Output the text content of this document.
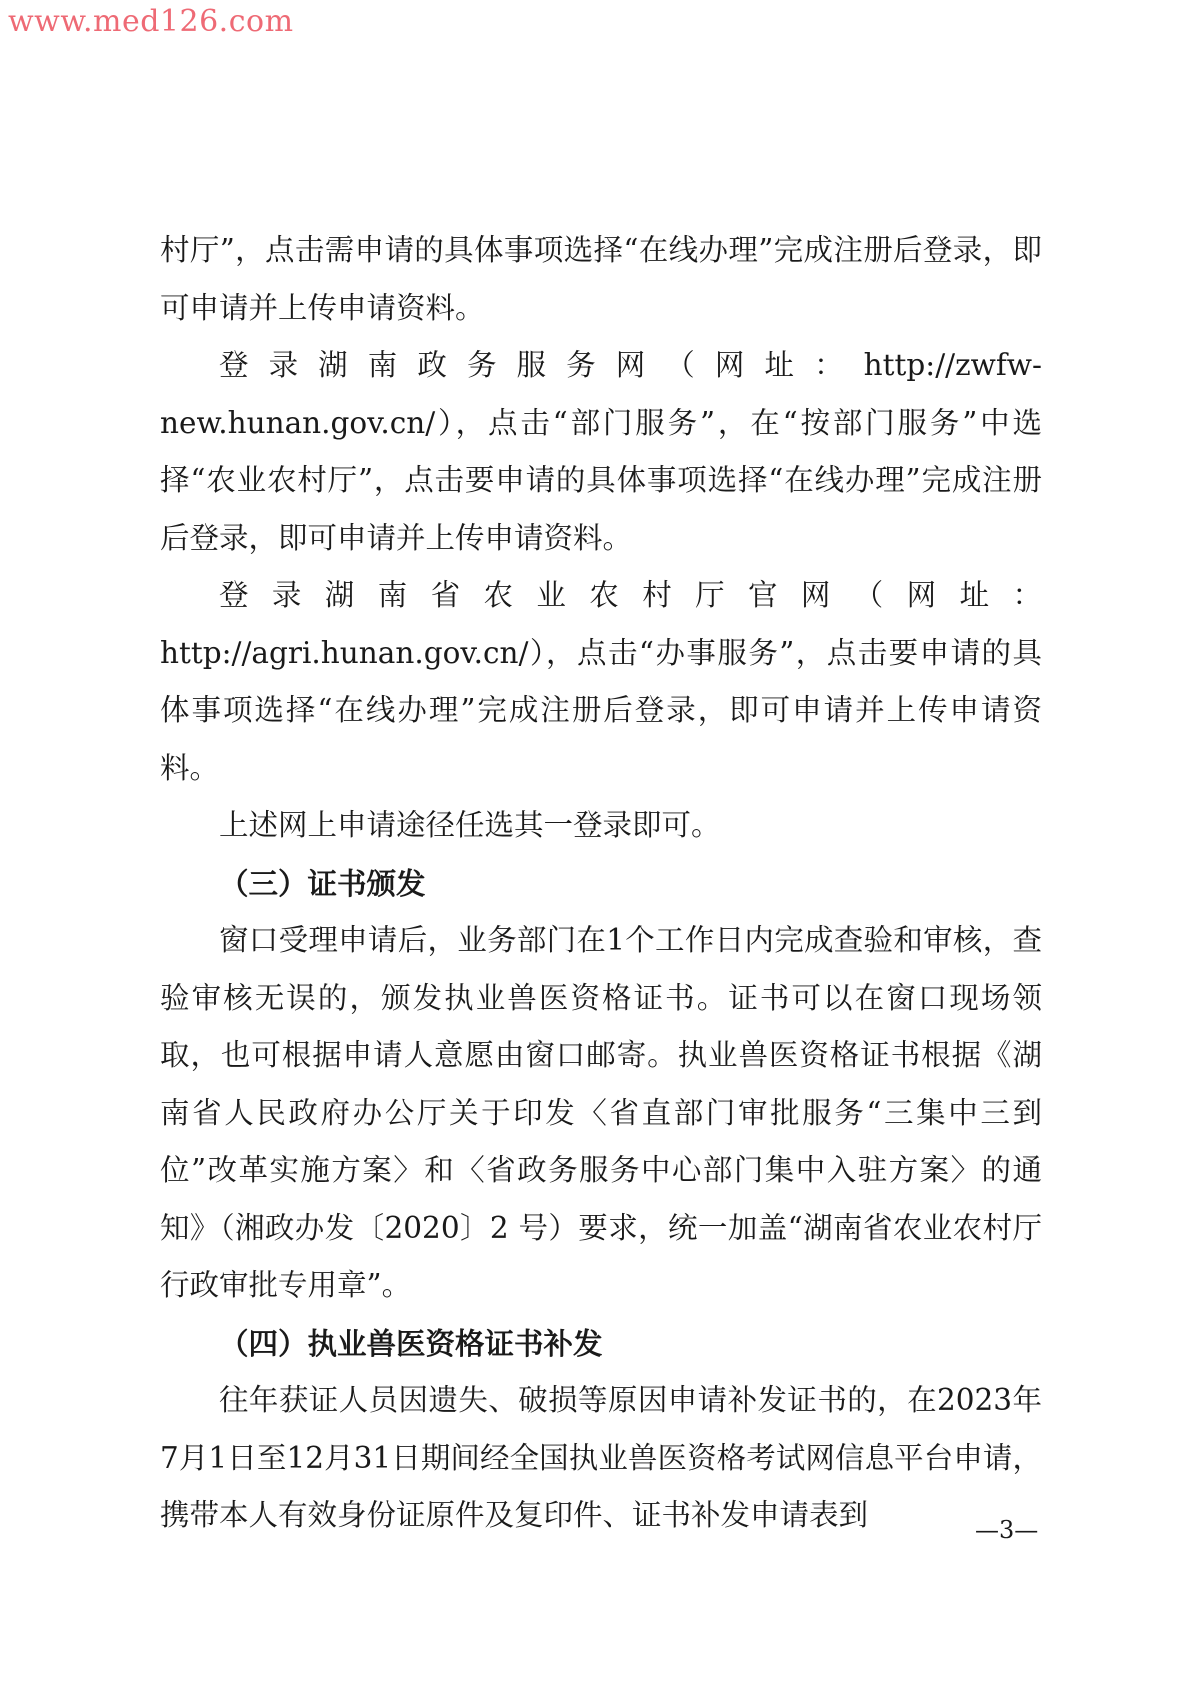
www.med126.com

村厅”，点击需申请的具体事项选择“在线办理”完成注册后登录，即可申请并上传申请资料。

登录湖南政务服务网（网址：http://zwfw-new.hunan.gov.cn/），点击“部门服务”，在“按部门服务”中选择“农业农村厅”，点击要申请的具体事项选择“在线办理”完成注册后登录，即可申请并上传申请资料。

登录湖南省农业农村厅官网（网址：http://agri.hunan.gov.cn/），点击“办事服务”，点击要申请的具体事项选择“在线办理”完成注册后登录，即可申请并上传申请资料。

上述网上申请途径任选其一登录即可。

（三）证书颁发

窗口受理申请后，业务部门在1个工作日内完成查验和审核，查验审核无误的，颁发执业兽医资格证书。证书可以在窗口现场领取，也可根据申请人意愿由窗口邮寄。执业兽医资格证书根据《湖南省人民政府办公厅关于印发〈省直部门审批服务“三集中三到位”改革实施方案〉和〈省政务服务中心部门集中入驻方案〉的通知》（湘政办发〔2020〕2 号）要求，统一加盖“湖南省农业农村厅行政审批专用章”。

（四）执业兽医资格证书补发

往年获证人员因遗失、破损等原因申请补发证书的，在2023年7月1日至12月31日期间经全国执业兽医资格考试网信息平台申请，携带本人有效身份证原件及复印件、证书补发申请表到	—3—
